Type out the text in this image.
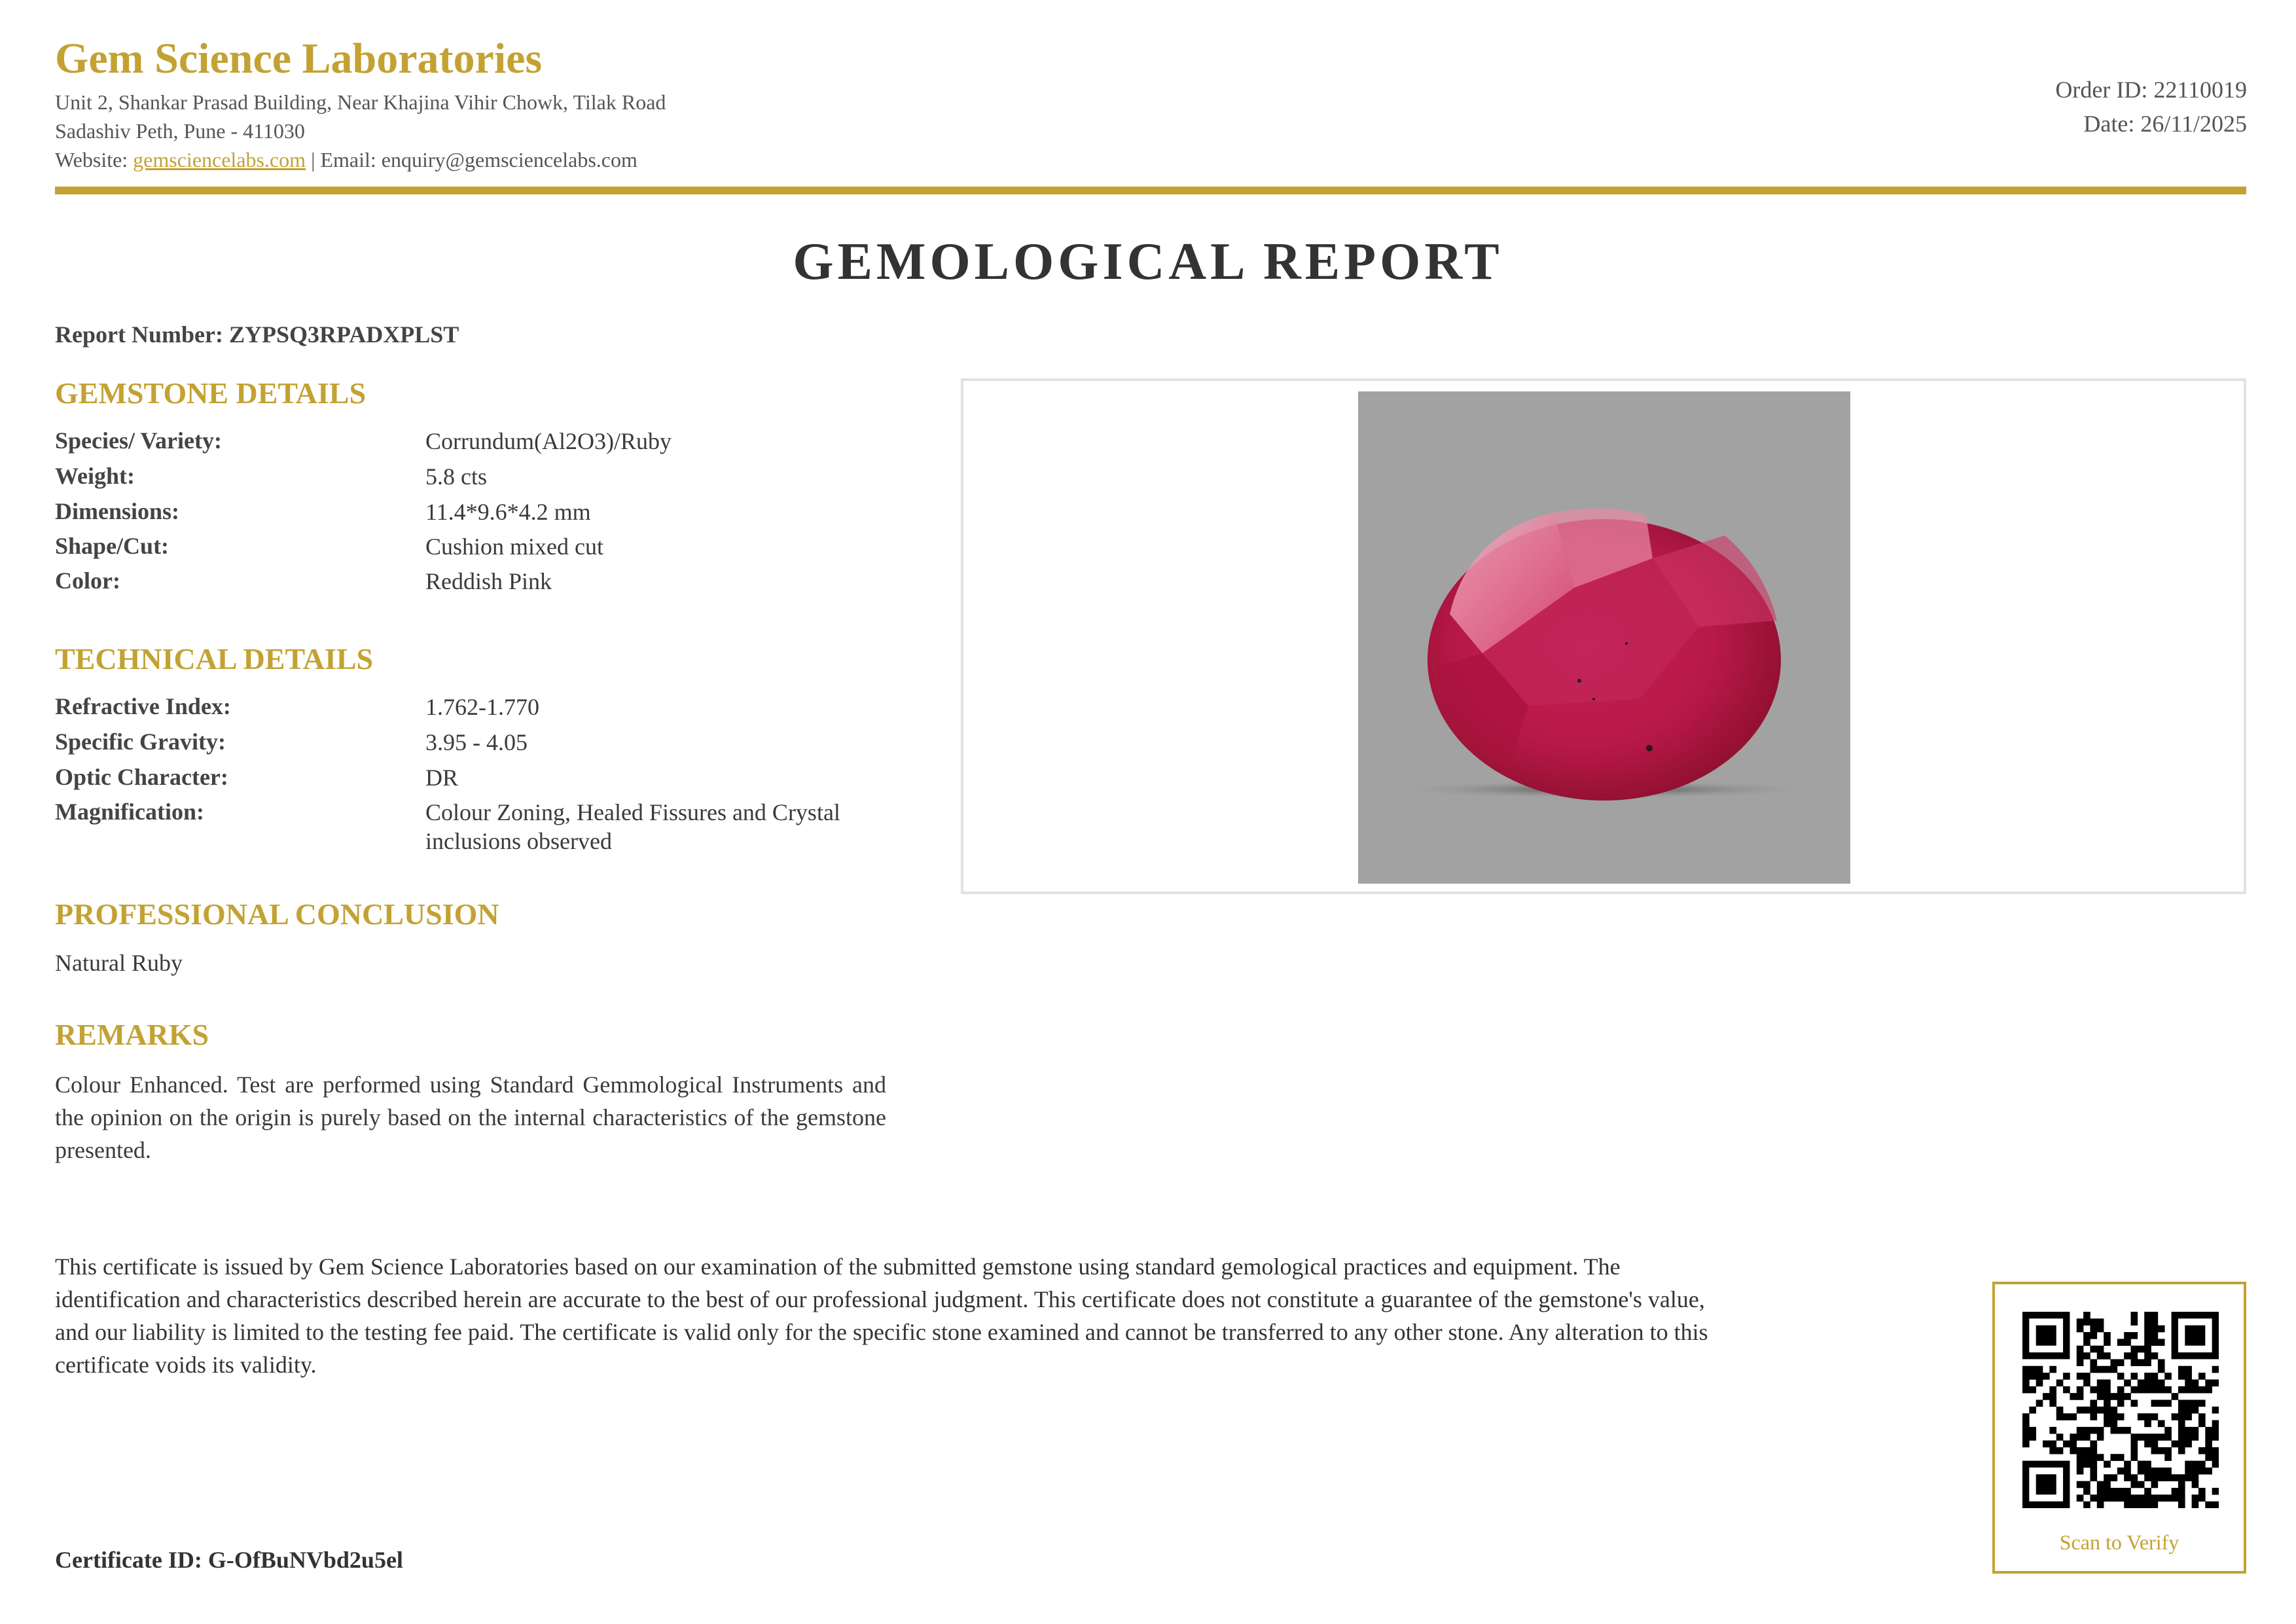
Gem Science Laboratories
Unit 2, Shankar Prasad Building, Near Khajina Vihir Chowk, Tilak Road
Sadashiv Peth, Pune - 411030
Website: gemsciencelabs.com | Email: enquiry@gemsciencelabs.com
Order ID: 22110019
Date: 26/11/2025
GEMOLOGICAL REPORT
Report Number: ZYPSQ3RPADXPLST
GEMSTONE DETAILS
Species/ Variety:	Corrundum(Al2O3)/Ruby
Weight:	5.8 cts
Dimensions:	11.4*9.6*4.2 mm
Shape/Cut:	Cushion mixed cut
Color:	Reddish Pink
TECHNICAL DETAILS
Refractive Index:	1.762-1.770
Specific Gravity:	3.95 - 4.05
Optic Character:	DR
Magnification:	Colour Zoning, Healed Fissures and Crystal inclusions observed
PROFESSIONAL CONCLUSION
Natural Ruby
REMARKS
Colour Enhanced. Test are performed using Standard Gemmological Instruments and the opinion on the origin is purely based on the internal characteristics of the gemstone presented.
This certificate is issued by Gem Science Laboratories based on our examination of the submitted gemstone using standard gemological practices and equipment. The identification and characteristics described herein are accurate to the best of our professional judgment. This certificate does not constitute a guarantee of the gemstone's value, and our liability is limited to the testing fee paid. The certificate is valid only for the specific stone examined and cannot be transferred to any other stone. Any alteration to this certificate voids its validity.
Certificate ID: G-OfBuNVbd2u5el
Scan to Verify
